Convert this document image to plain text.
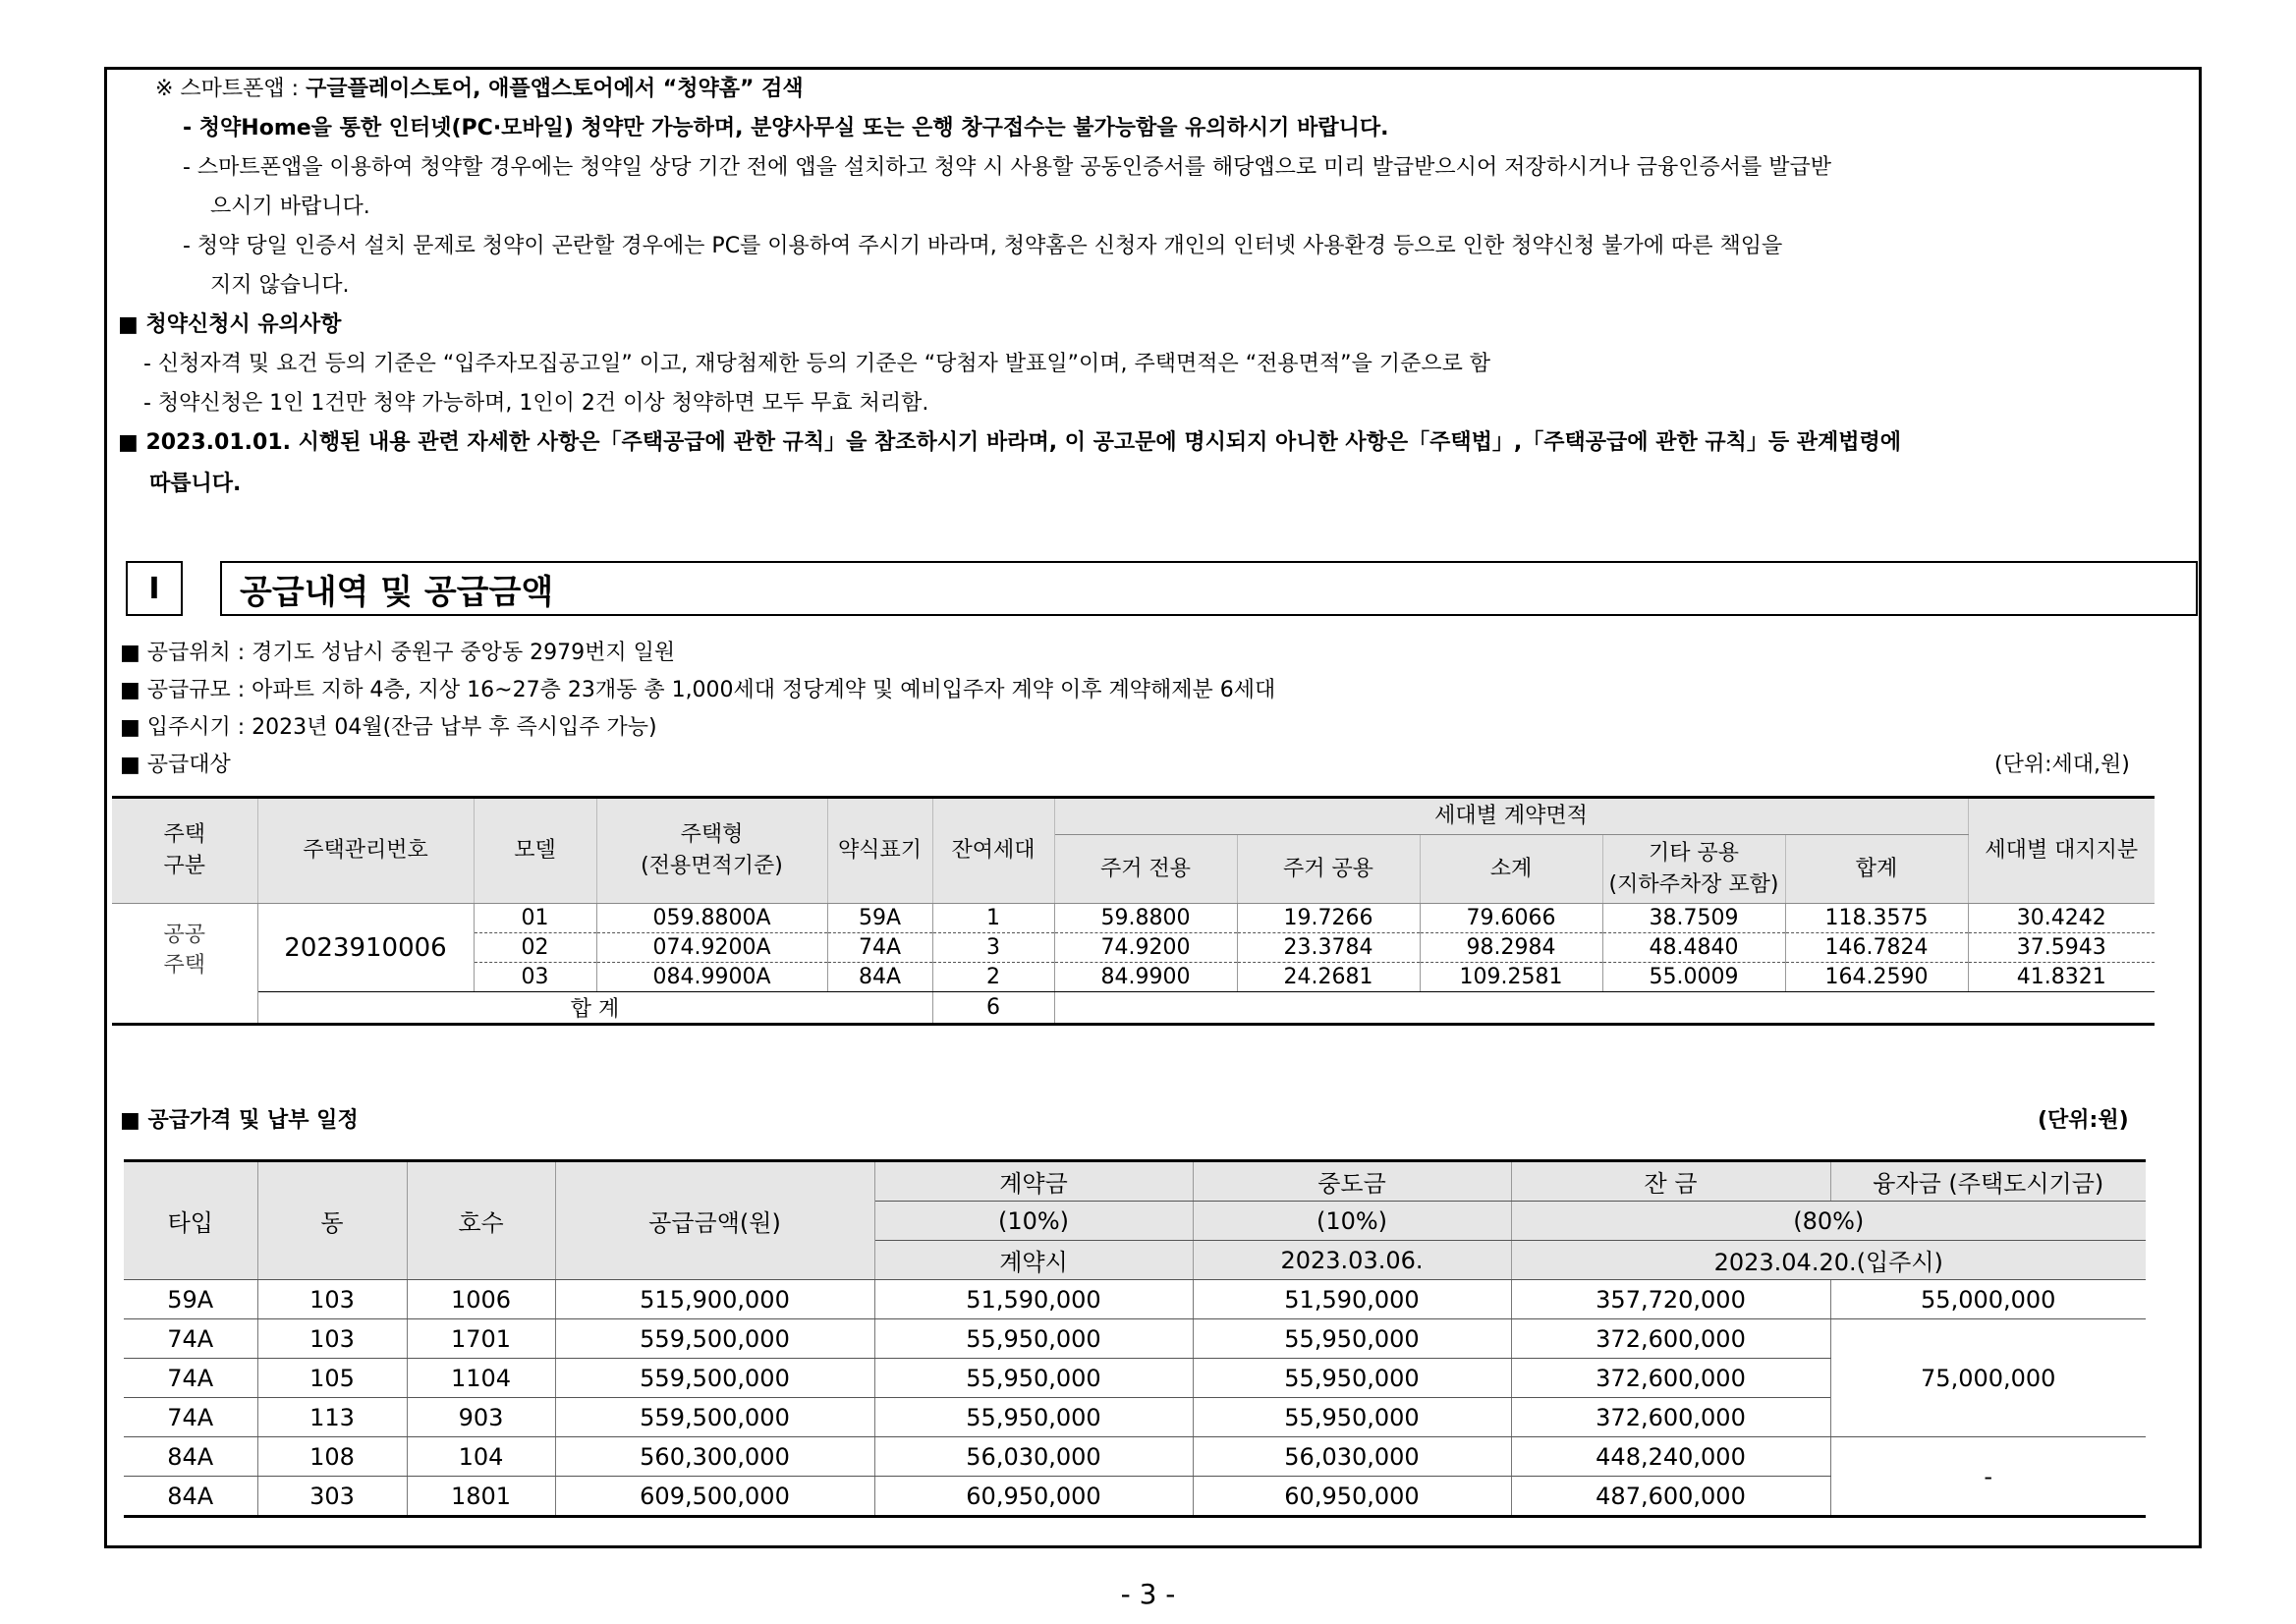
※ 스마트폰앱 : 구글플레이스토어, 애플앱스토어에서 “청약홈” 검색
- 청약Home을 통한 인터넷(PC·모바일) 청약만 가능하며, 분양사무실 또는 은행 창구접수는 불가능함을 유의하시기 바랍니다.
- 스마트폰앱을 이용하여 청약할 경우에는 청약일 상당 기간 전에 앱을 설치하고 청약 시 사용할 공동인증서를 해당앱으로 미리 발급받으시어 저장하시거나 금융인증서를 발급받
으시기 바랍니다.
- 청약 당일 인증서 설치 문제로 청약이 곤란할 경우에는 PC를 이용하여 주시기 바라며, 청약홈은 신청자 개인의 인터넷 사용환경 등으로 인한 청약신청 불가에 따른 책임을
지지 않습니다.
■ 청약신청시 유의사항
- 신청자격 및 요건 등의 기준은 “입주자모집공고일” 이고, 재당첨제한 등의 기준은 “당첨자 발표일”이며, 주택면적은 “전용면적”을 기준으로 함
- 청약신청은 1인 1건만 청약 가능하며, 1인이 2건 이상 청약하면 모두 무효 처리함.
■ 2023.01.01. 시행된 내용 관련 자세한 사항은「주택공급에 관한 규칙」을 참조하시기 바라며, 이 공고문에 명시되지 아니한 사항은「주택법」,「주택공급에 관한 규칙」등 관계법령에
따릅니다.
I	공급내역 및 공급금액
■ 공급위치 : 경기도 성남시 중원구 중앙동 2979번지 일원
■ 공급규모 : 아파트 지하 4층, 지상 16~27층 23개동 총 1,000세대 정당계약 및 예비입주자 계약 이후 계약해제분 6세대
■ 입주시기 : 2023년 04월(잔금 납부 후 즉시입주 가능)
■ 공급대상	(단위:세대,원)
주택
구분	주택관리번호	모델	주택형
(전용면적기준)	약식표기	잔여세대	세대별 계약면적					세대별 대지지분
						주거 전용	주거 공용	소계	기타 공용
(지하주차장 포함)	합계	
공공
주택	2023910006	01	059.8800A	59A	1	59.8800	19.7266	79.6066	38.7509	118.3575	30.4242
		02	074.9200A	74A	3	74.9200	23.3784	98.2984	48.4840	146.7824	37.5943
		03	084.9900A	84A	2	84.9900	24.2681	109.2581	55.0009	164.2590	41.8321
	합 계				6						
■ 공급가격 및 납부 일정	(단위:원)
타입	동	호수	공급금액(원)	계약금	중도금	잔 금	융자금 (주택도시기금)
				(10%)	(10%)	(80%)	
				계약시	2023.03.06.	2023.04.20.(입주시)	
59A	103	1006	515,900,000	51,590,000	51,590,000	357,720,000	55,000,000
74A	103	1701	559,500,000	55,950,000	55,950,000	372,600,000	75,000,000
74A	105	1104	559,500,000	55,950,000	55,950,000	372,600,000	
74A	113	903	559,500,000	55,950,000	55,950,000	372,600,000	
84A	108	104	560,300,000	56,030,000	56,030,000	448,240,000	-
84A	303	1801	609,500,000	60,950,000	60,950,000	487,600,000	
- 3 -
